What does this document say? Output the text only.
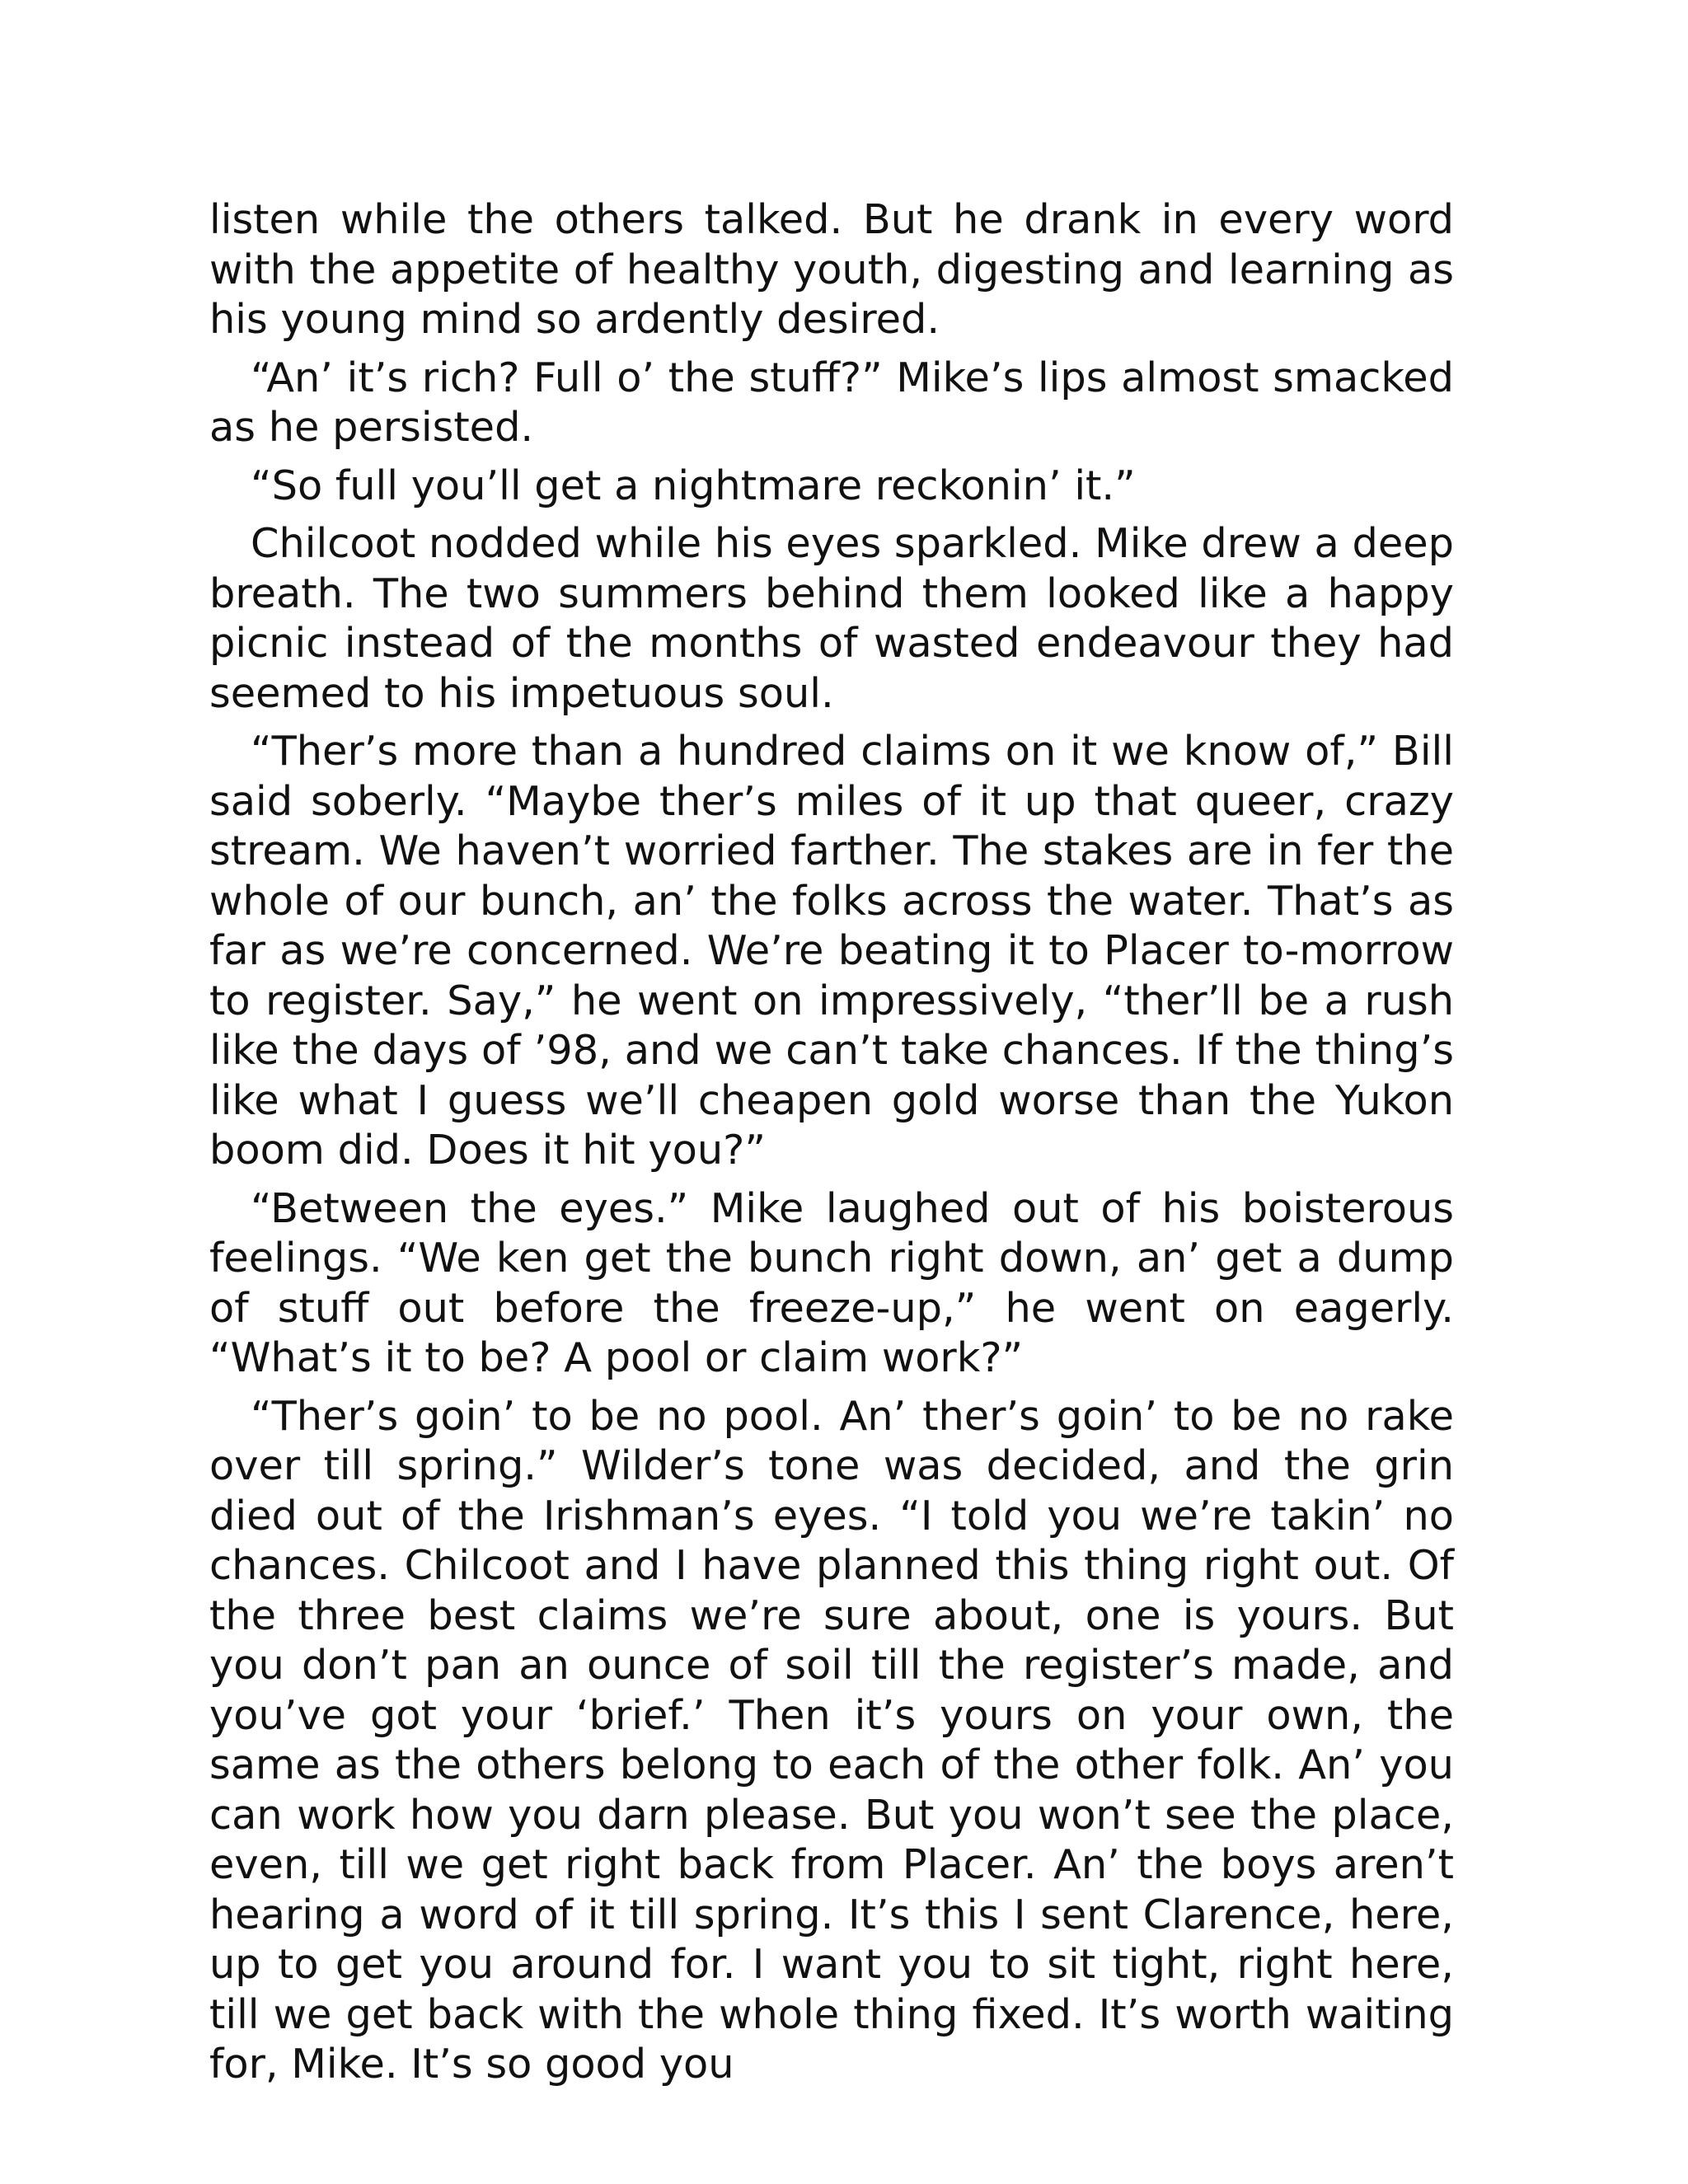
listen while the others talked. But he drank in every word with the appetite of healthy youth, digesting and learning as his young mind so ardently desired.

“An’ it’s rich? Full o’ the stuff?” Mike’s lips almost smacked as he persisted.

“So full you’ll get a nightmare reckonin’ it.”

Chilcoot nodded while his eyes sparkled. Mike drew a deep breath. The two summers behind them looked like a happy picnic instead of the months of wasted endeavour they had seemed to his impetuous soul.

“Ther’s more than a hundred claims on it we know of,” Bill said soberly. “Maybe ther’s miles of it up that queer, crazy stream. We haven’t worried farther. The stakes are in fer the whole of our bunch, an’ the folks across the water. That’s as far as we’re concerned. We’re beating it to Placer to-morrow to register. Say,” he went on impressively, “ther’ll be a rush like the days of ’98, and we can’t take chances. If the thing’s like what I guess we’ll cheapen gold worse than the Yukon boom did. Does it hit you?”

“Between the eyes.” Mike laughed out of his boisterous feelings. “We ken get the bunch right down, an’ get a dump of stuff out before the freeze-up,” he went on eagerly. “What’s it to be? A pool or claim work?”

“Ther’s goin’ to be no pool. An’ ther’s goin’ to be no rake over till spring.” Wilder’s tone was decided, and the grin died out of the Irishman’s eyes. “I told you we’re takin’ no chances. Chilcoot and I have planned this thing right out. Of the three best claims we’re sure about, one is yours. But you don’t pan an ounce of soil till the register’s made, and you’ve got your ‘brief.’ Then it’s yours on your own, the same as the others belong to each of the other folk. An’ you can work how you darn please. But you won’t see the place, even, till we get right back from Placer. An’ the boys aren’t hearing a word of it till spring. It’s this I sent Clarence, here, up to get you around for. I want you to sit tight, right here, till we get back with the whole thing fixed. It’s worth waiting for, Mike. It’s so good you
